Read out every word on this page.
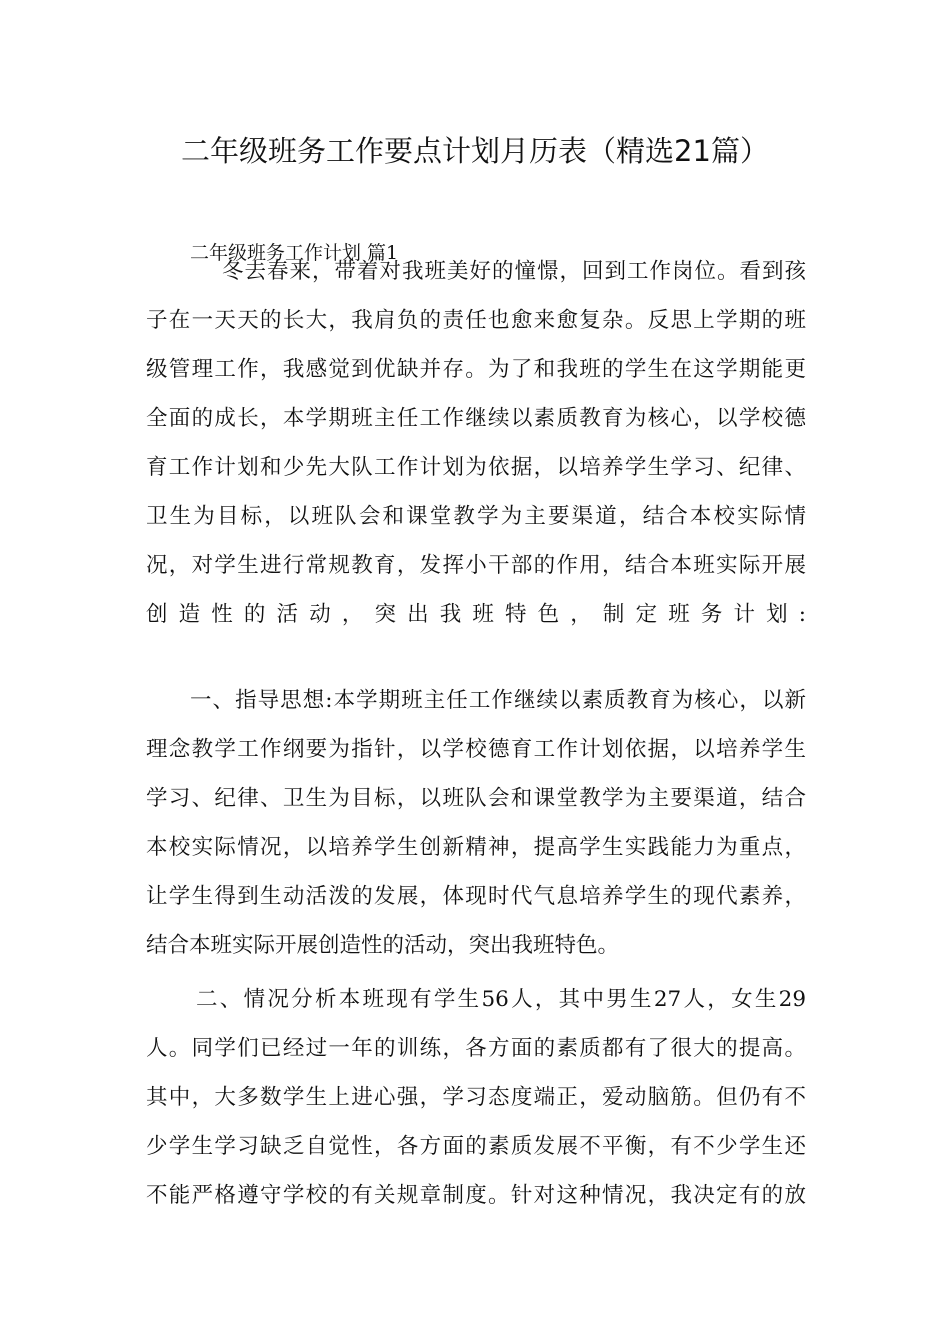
二年级班务工作要点计划月历表（精选21篇）
二年级班务工作计划 篇1
冬去春来，带着对我班美好的憧憬，回到工作岗位。看到孩
子在一天天的长大，我肩负的责任也愈来愈复杂。反思上学期的班
级管理工作，我感觉到优缺并存。为了和我班的学生在这学期能更
全面的成长，本学期班主任工作继续以素质教育为核心，以学校德
育工作计划和少先大队工作计划为依据，以培养学生学习、纪律、
卫生为目标，以班队会和课堂教学为主要渠道，结合本校实际情
况，对学生进行常规教育，发挥小干部的作用，结合本班实际开展
创造性的活动，突出我班特色，制定班务计划:
一、指导思想:本学期班主任工作继续以素质教育为核心，以新
理念教学工作纲要为指针，以学校德育工作计划依据，以培养学生
学习、纪律、卫生为目标，以班队会和课堂教学为主要渠道，结合
本校实际情况，以培养学生创新精神，提高学生实践能力为重点，
让学生得到生动活泼的发展，体现时代气息培养学生的现代素养，
结合本班实际开展创造性的活动，突出我班特色。
二、情况分析本班现有学生56人，其中男生27人，女生29
人。同学们已经过一年的训练，各方面的素质都有了很大的提高。
其中，大多数学生上进心强，学习态度端正，爱动脑筋。但仍有不
少学生学习缺乏自觉性，各方面的素质发展不平衡，有不少学生还
不能严格遵守学校的有关规章制度。针对这种情况，我决定有的放
